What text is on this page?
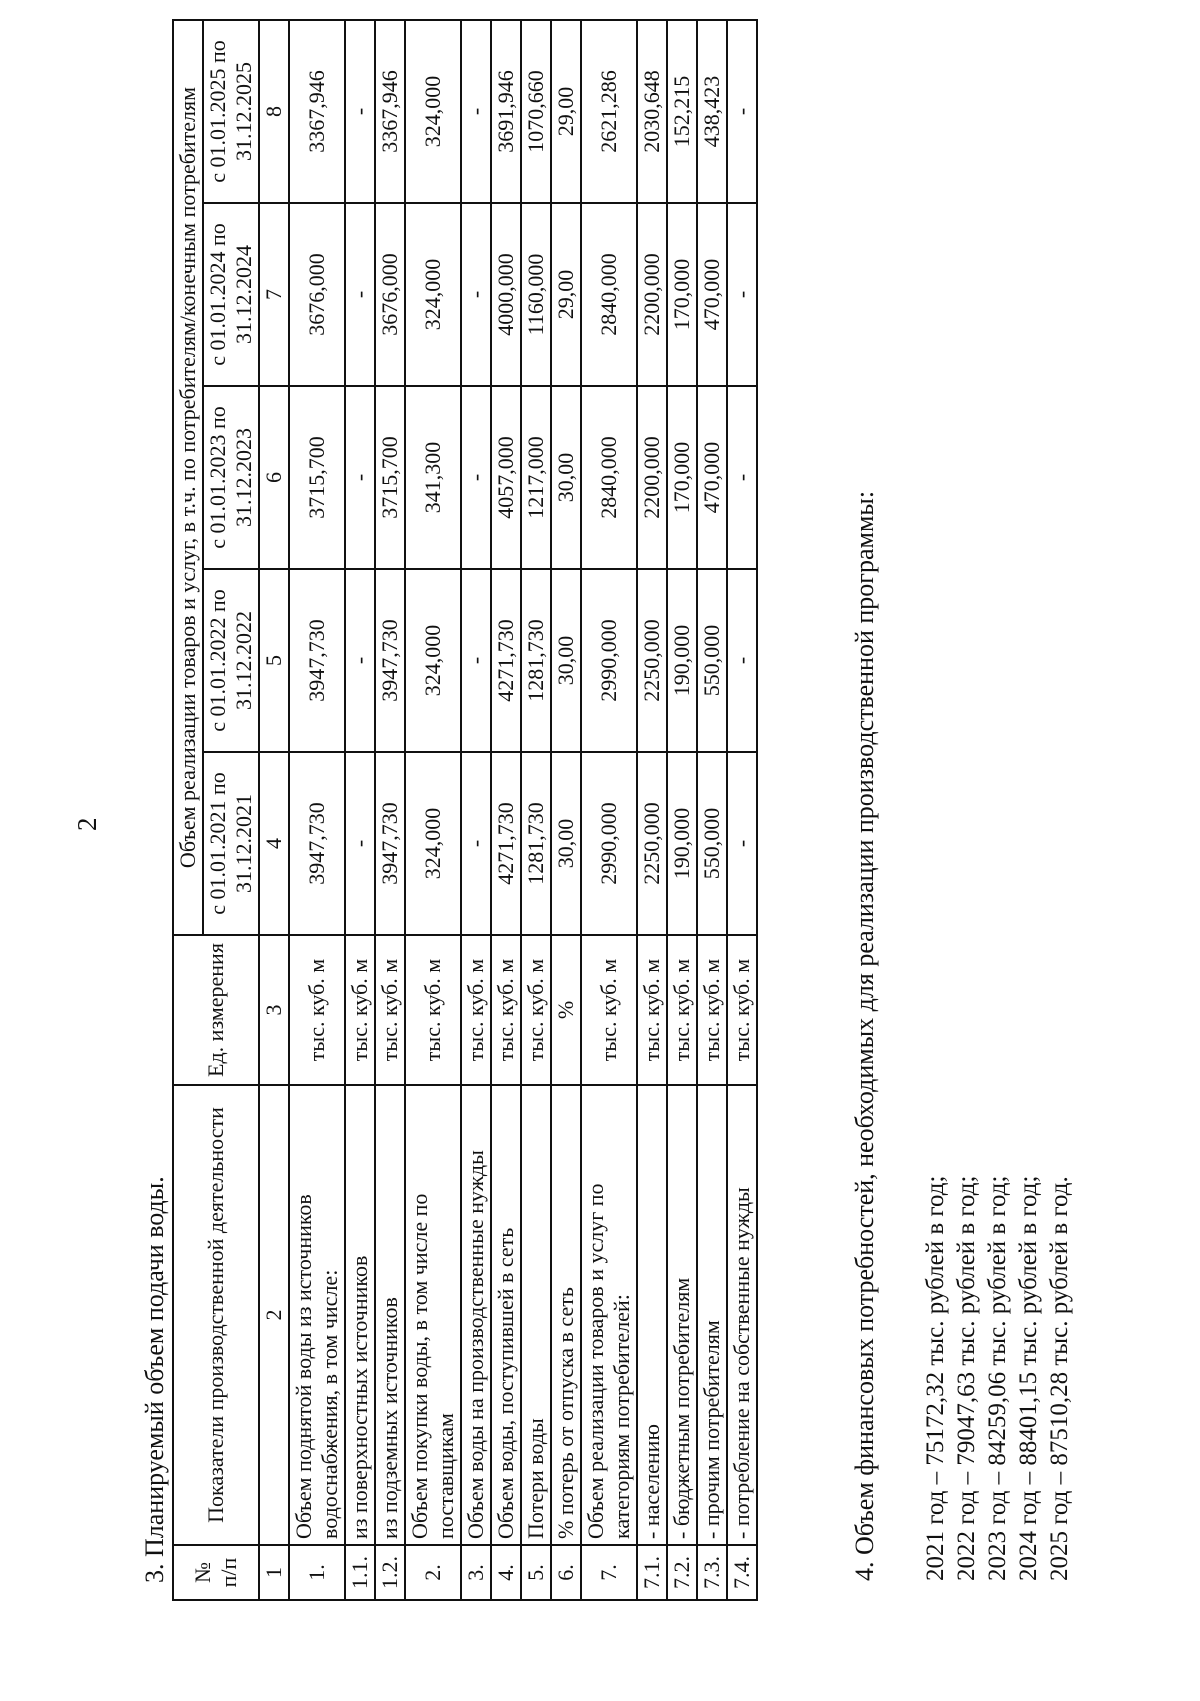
2
3. Планируемый объем подачи воды. № п/п	Показатели производственной деятельности	Ед. измерения	Объем реализации товаров и услуг, в т.ч. по потребителям/конечным потребителям				
			с 01.01.2021 по 31.12.2021	с 01.01.2022 по 31.12.2022	с 01.01.2023 по 31.12.2023	с 01.01.2024 по 31.12.2024	с 01.01.2025 по 31.12.2025
1	2	3	4	5	6	7	8
1.	Объем поднятой воды из источников водоснабжения, в том числе:	тыс. куб. м	3947,730	3947,730	3715,700	3676,000	3367,946
1.1.	из поверхностных источников	тыс. куб. м	-	-	-	-	-
1.2.	из подземных источников	тыс. куб. м	3947,730	3947,730	3715,700	3676,000	3367,946
2.	Объем покупки воды, в том числе по поставщикам	тыс. куб. м	324,000	324,000	341,300	324,000	324,000
3.	Объем воды на производственные нужды	тыс. куб. м	-	-	-	-	-
4.	Объем воды, поступившей в сеть	тыс. куб. м	4271,730	4271,730	4057,000	4000,000	3691,946
5.	Потери воды	тыс. куб. м	1281,730	1281,730	1217,000	1160,000	1070,660
6.	% потерь от отпуска в сеть	%	30,00	30,00	30,00	29,00	29,00
7.	Объем реализации товаров и услуг по категориям потребителей:	тыс. куб. м	2990,000	2990,000	2840,000	2840,000	2621,286
7.1.	- населению	тыс. куб. м	2250,000	2250,000	2200,000	2200,000	2030,648
7.2.	- бюджетным потребителям	тыс. куб. м	190,000	190,000	170,000	170,000	152,215
7.3.	- прочим потребителям	тыс. куб. м	550,000	550,000	470,000	470,000	438,423
7.4.	- потребление на собственные нужды	тыс. куб. м	-	-	-	-	-
4. Объем финансовых потребностей, необходимых для реализации производственной программы: 2021 год – 75172,32 тыс. рублей в год; 2022 год – 79047,63 тыс. рублей в год; 2023 год – 84259,06 тыс. рублей в год; 2024 год – 88401,15 тыс. рублей в год; 2025 год – 87510,28 тыс. рублей в год.
